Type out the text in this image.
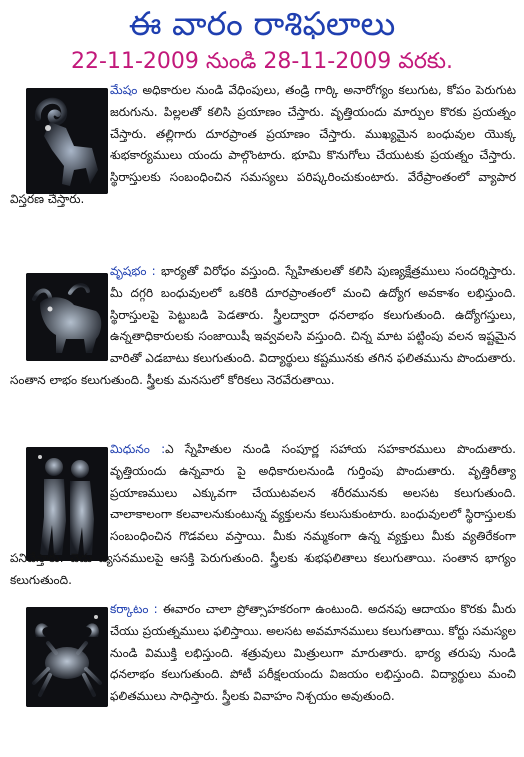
ఈ వారం రాశిఫలాలు
22-11-2009 నుండి 28-11-2009 వరకు.
మేషం అధికారుల నుండి వేధింపులు, తండ్రి గార్కి అనారోగ్యం కలుగుట, కోపం పెరుగుట జరుగును. పిల్లలతో కలిసి ప్రయాణం చేస్తారు. వృత్తియందు మార్పుల కొరకు ప్రయత్నం చేస్తారు. తల్లిగారు దూరప్రాంత ప్రయాణం చేస్తారు. ముఖ్యమైన బంధువుల యొక్క శుభకార్యములు యందు పాల్గొంటారు. భూమి కొనుగోలు చేయుటకు ప్రయత్నం చేస్తారు. స్థిరాస్తులకు సంబంధించిన సమస్యలు పరిష్కరించుకుంటారు. వేరేప్రాంతంలో వ్యాపార విస్తరణ చేస్తారు.
వృషభం : భార్యతో విరోధం వస్తుంది. స్నేహితులతో కలిసి పుణ్యక్షేత్రములు సందర్శిస్తారు. మీ దగ్గరి బంధువులలో ఒకరికి దూరప్రాంతంలో మంచి ఉద్యోగ అవకాశం లభిస్తుంది. స్థిరాస్తులపై పెట్టుబడి పెడతారు. స్త్రీలద్వారా ధనలాభం కలుగుతుంది. ఉద్యోగస్తులు, ఉన్నతాధికారులకు సంజాయిషీ ఇవ్వవలసి వస్తుంది. చిన్న మాట పట్టింపు వలన ఇష్టమైన వారితో ఎడబాటు కలుగుతుంది. విద్యార్థులు కష్టమునకు తగిన ఫలితమును పొందుతారు. సంతాన లాభం కలుగుతుంది. స్త్రీలకు మనసులో కోరికలు నెరవేరుతాయి.
మిధునం :ఎ స్నేహితుల నుండి సంపూర్ణ సహాయ సహకారములు పొందుతారు. వృత్తియందు ఉన్నవారు పై అధికారులనుండి గుర్తింపు పొందుతారు. వృత్తిరీత్యా ప్రయాణములు ఎక్కువగా చేయుటవలన శరీరమునకు అలసట కలుగుతుంది. చాలాకాలంగా కలవాలనుకుంటున్న వ్యక్తులను కలుసుకుంటారు. బంధువులలో స్థిరాస్తులకు సంబంధించిన గొడవలు వస్తాయి. మీకు నమ్మకంగా ఉన్న వ్యక్తులు మీకు వ్యతిరేకంగా పనిచేస్తారు. చెడు వ్యసనములపై ఆసక్తి పెరుగుతుంది. స్త్రీలకు శుభఫలితాలు కలుగుతాయి. సంతాన భాగ్యం కలుగుతుంది.
కర్కాటం : ఈవారం చాలా ప్రోత్సాహకరంగా ఉంటుంది. అదనపు ఆదాయం కొరకు మీరు చేయు ప్రయత్నములు ఫలిస్తాయి. అలసట అవమానములు కలుగుతాయి. కోర్టు సమస్యల నుండి విముక్తి లభిస్తుంది. శత్రువులు మిత్రులుగా మారుతారు. భార్య తరుపు నుండి ధనలాభం కలుగుతుంది. పోటీ పరీక్షలయందు విజయం లభిస్తుంది. విద్యార్థులు మంచి ఫలితములు సాధిస్తారు. స్త్రీలకు వివాహం నిశ్చయం అవుతుంది.
